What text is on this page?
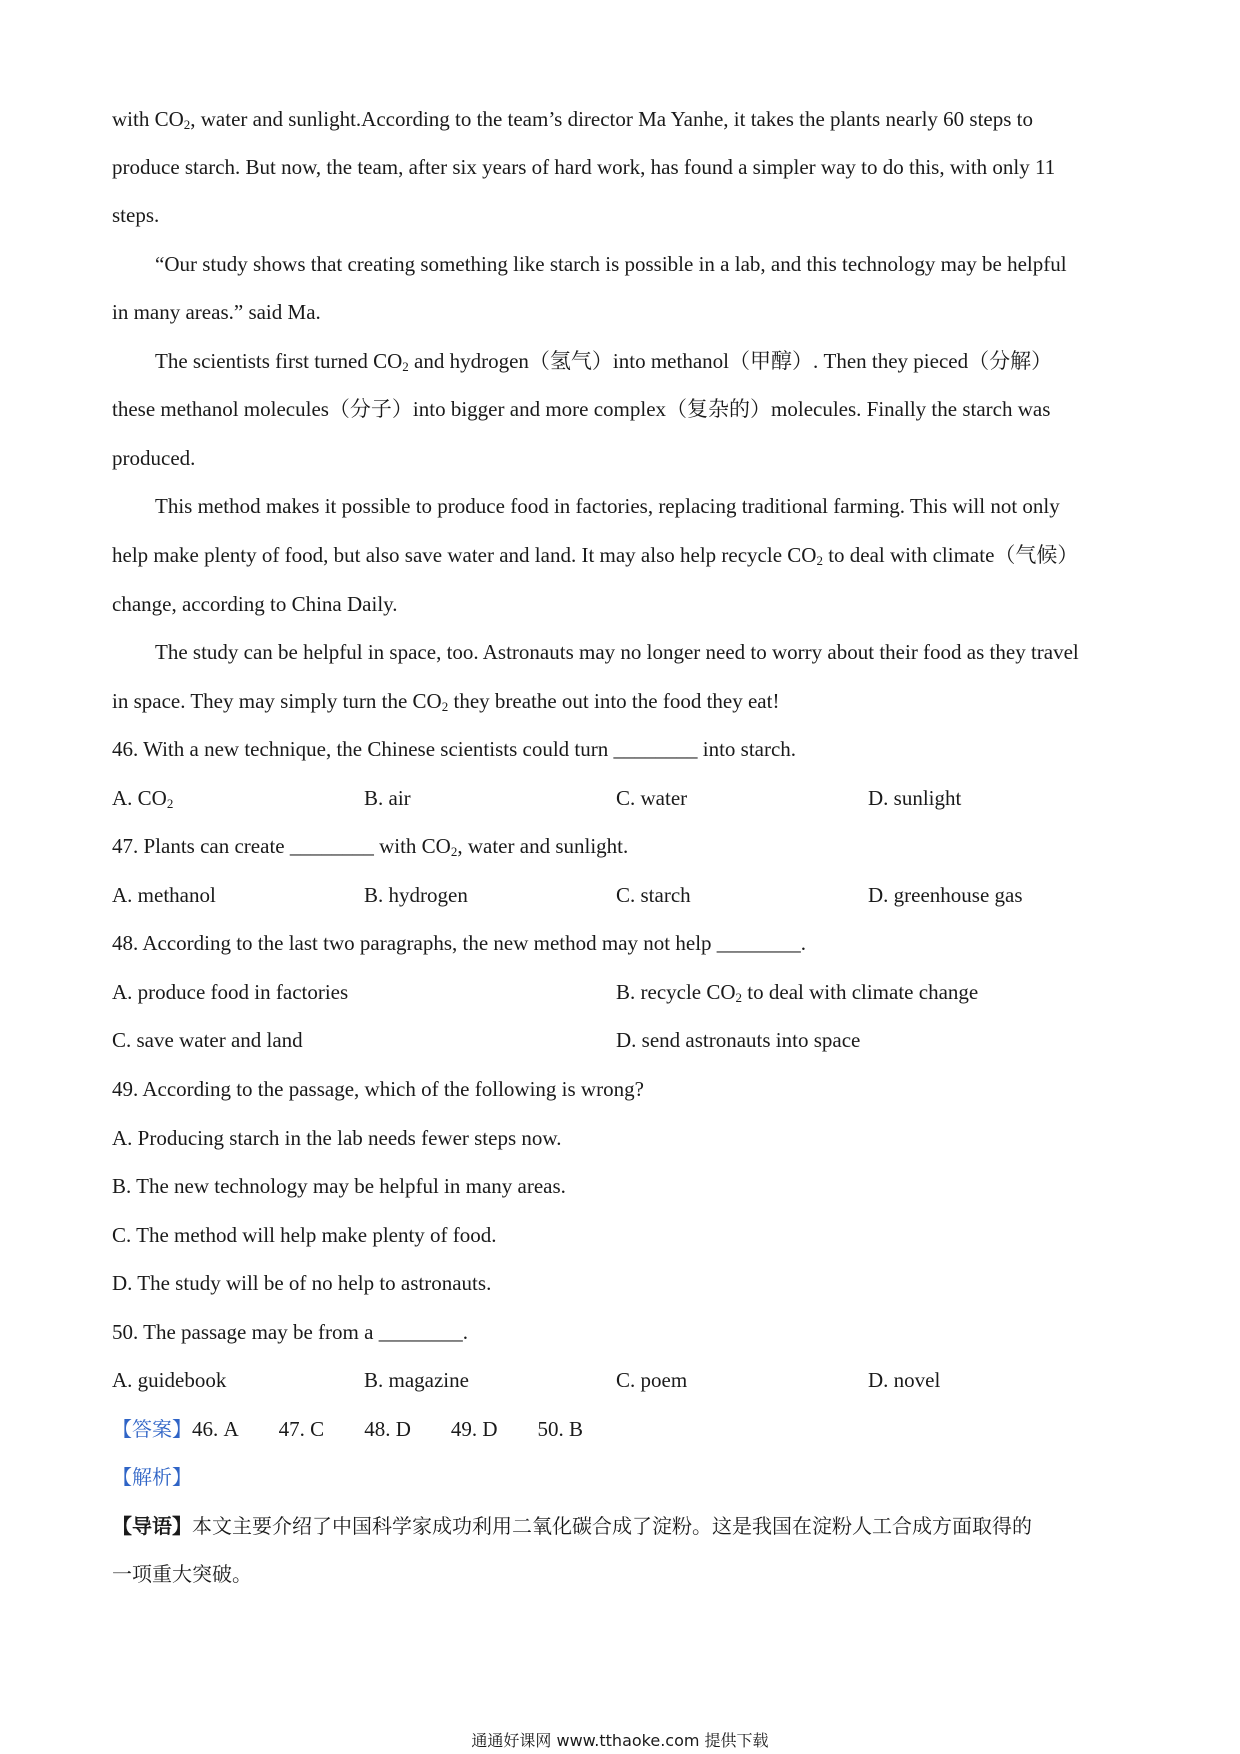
with $CO_2$, water and sunlight.According to the team’s director Ma Yanhe, it takes the plants nearly 60 steps to
produce starch. But now, the team, after six years of hard work, has found a simpler way to do this, with only 11
steps.
“Our study shows that creating something like starch is possible in a lab, and this technology may be helpful
in many areas.” said Ma.
The scientists first turned $CO_2$ and hydrogen（氢气）into methanol（甲醇）. Then they pieced（分解）
these methanol molecules（分子）into bigger and more complex（复杂的）molecules. Finally the starch was
produced.
This method makes it possible to produce food in factories, replacing traditional farming. This will not only
help make plenty of food, but also save water and land. It may also help recycle $CO_2$ to deal with climate（气候）
change, according to China Daily.
The study can be helpful in space, too. Astronauts may no longer need to worry about their food as they travel
in space. They may simply turn the $CO_2$ they breathe out into the food they eat!
46. With a new technique, the Chinese scientists could turn ________ into starch.
A. $CO_2$	B. air	C. water	D. sunlight
47. Plants can create ________ with $CO_2$, water and sunlight.
A. methanol	B. hydrogen	C. starch	D. greenhouse gas
48. According to the last two paragraphs, the new method may not help ________.
A. produce food in factories	B. recycle $CO_2$ to deal with climate change
C. save water and land	D. send astronauts into space
49. According to the passage, which of the following is wrong?
A. Producing starch in the lab needs fewer steps now.
B. The new technology may be helpful in many areas.
C. The method will help make plenty of food.
D. The study will be of no help to astronauts.
50. The passage may be from a ________.
A. guidebook	B. magazine	C. poem	D. novel
【答案】46. A 47. C 48. D 49. D 50. B
【解析】
【导语】本文主要介绍了中国科学家成功利用二氧化碳合成了淀粉。这是我国在淀粉人工合成方面取得的
一项重大突破。
通通好课网 www.tthaoke.com 提供下载
